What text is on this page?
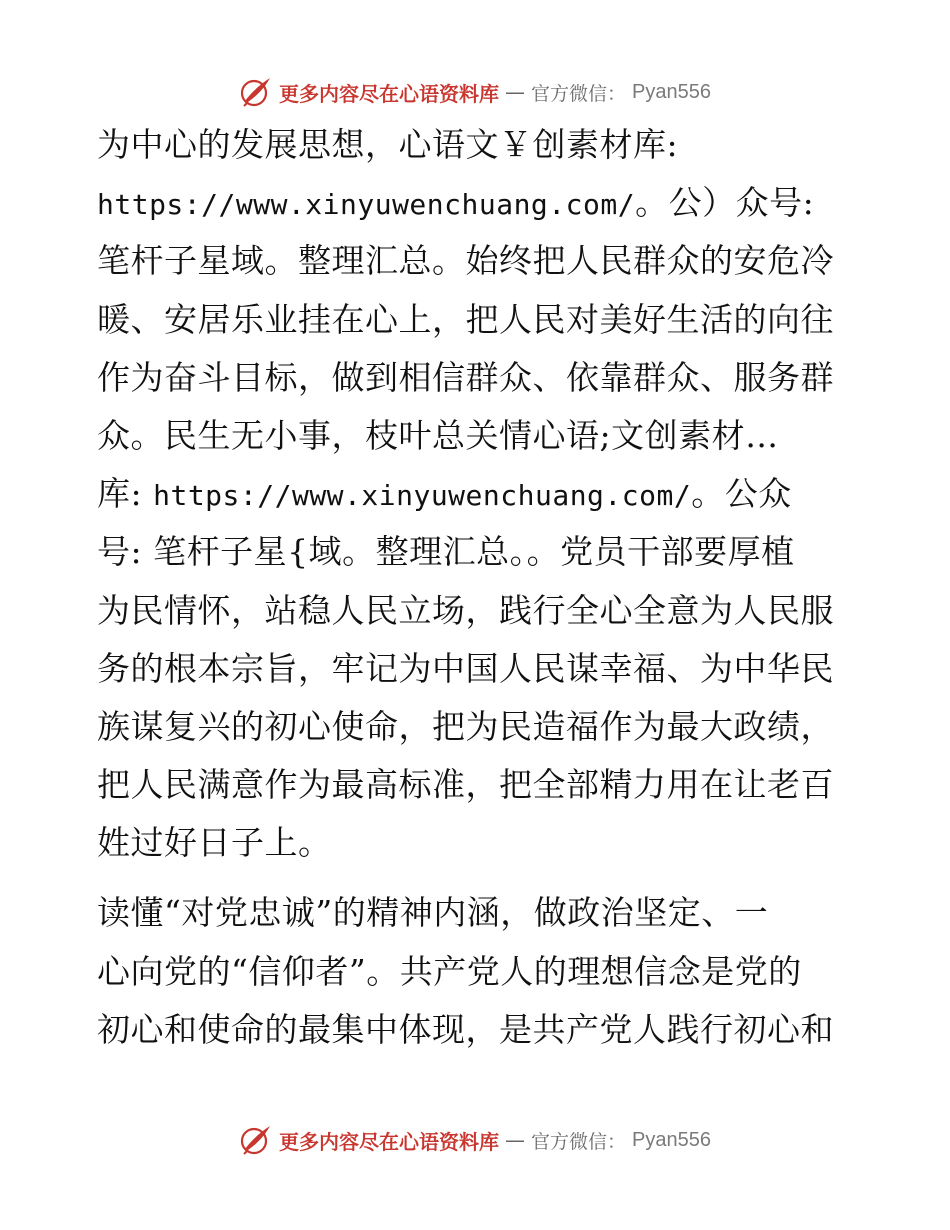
更多内容尽在心语资料库 — 官方微信： Pyan556
为中心的发展思想，心语文￥创素材库:
https://www.xinyuwenchuang.com/。公）众号:
笔杆子星域。整理汇总。始终把人民群众的安危冷
暖、安居乐业挂在心上，把人民对美好生活的向往
作为奋斗目标，做到相信群众、依靠群众、服务群
众。民生无小事，枝叶总关情心语;文创素材…
库: https://www.xinyuwenchuang.com/。公众
号: 笔杆子星{域。整理汇总。。党员干部要厚植
为民情怀，站稳人民立场，践行全心全意为人民服
务的根本宗旨，牢记为中国人民谋幸福、为中华民
族谋复兴的初心使命，把为民造福作为最大政绩，
把人民满意作为最高标准，把全部精力用在让老百
姓过好日子上。
读懂“对党忠诚”的精神内涵，做政治坚定、一
心向党的“信仰者”。共产党人的理想信念是党的
初心和使命的最集中体现，是共产党人践行初心和
更多内容尽在心语资料库 — 官方微信： Pyan556
